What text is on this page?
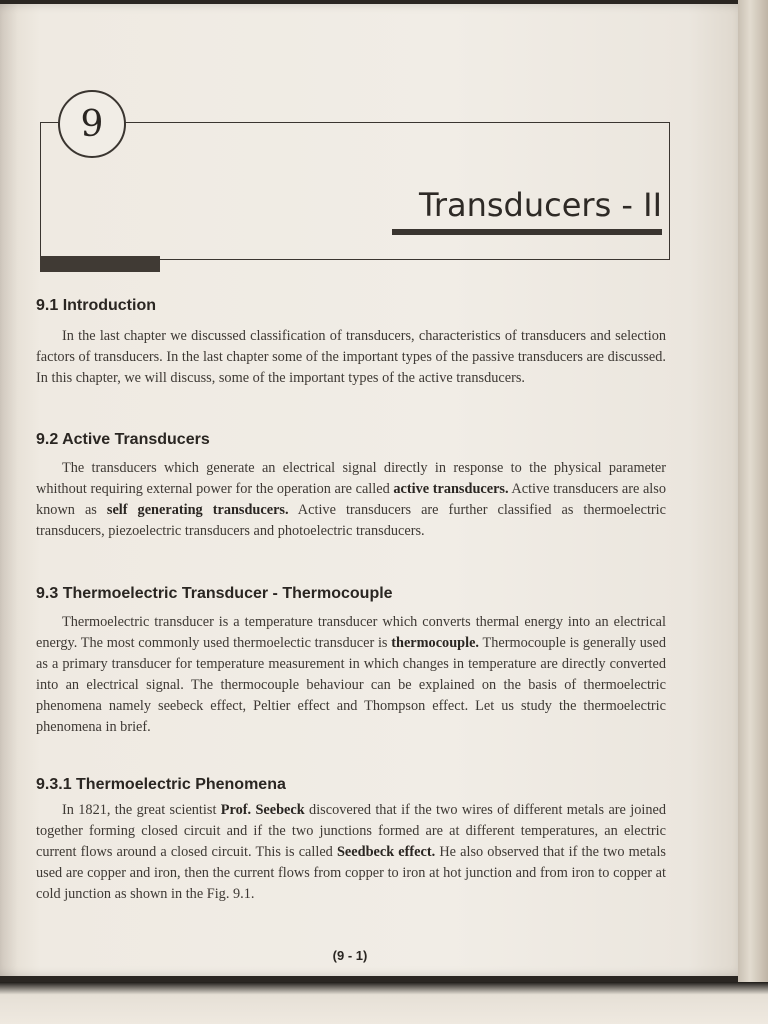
9
Transducers - II
9.1 Introduction

In the last chapter we discussed classification of transducers, characteristics of transducers and selection factors of transducers. In the last chapter some of the important types of the passive transducers are discussed. In this chapter, we will discuss, some of the important types of the active transducers.

9.2 Active Transducers

The transducers which generate an electrical signal directly in response to the physical parameter whithout requiring external power for the operation are called active transducers. Active transducers are also known as self generating transducers. Active transducers are further classified as thermoelectric transducers, piezoelectric transducers and photoelectric transducers.

9.3 Thermoelectric Transducer - Thermocouple

Thermoelectric transducer is a temperature transducer which converts thermal energy into an electrical energy. The most commonly used thermoelectic transducer is thermocouple. Thermocouple is generally used as a primary transducer for temperature measurement in which changes in temperature are directly converted into an electrical signal. The thermocouple behaviour can be explained on the basis of thermoelectric phenomena namely seebeck effect, Peltier effect and Thompson effect. Let us study the thermoelectric phenomena in brief.

9.3.1 Thermoelectric Phenomena

In 1821, the great scientist Prof. Seebeck discovered that if the two wires of different metals are joined together forming closed circuit and if the two junctions formed are at different temperatures, an electric current flows around a closed circuit. This is called Seedbeck effect. He also observed that if the two metals used are copper and iron, then the current flows from copper to iron at hot junction and from iron to copper at cold junction as shown in the Fig. 9.1.

(9 - 1)
